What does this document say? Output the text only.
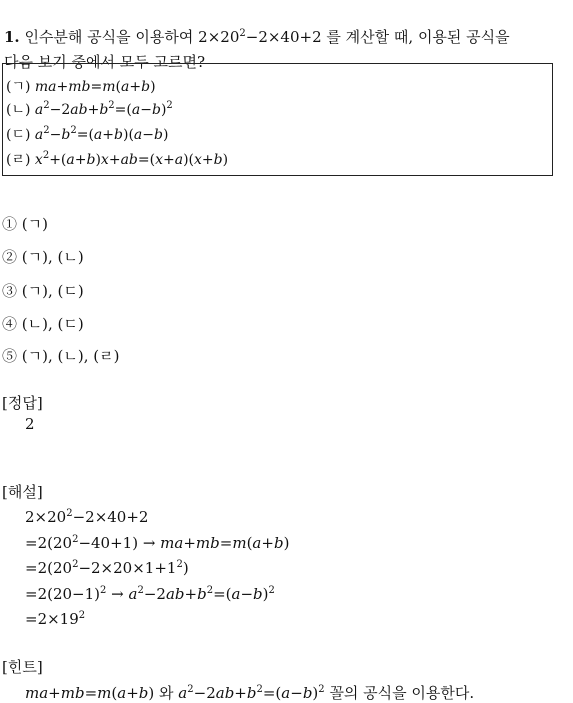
1. 인수분해 공식을 이용하여 $2\times 20^2-2\times 40+2$ 를 계산할 때, 이용된 공식을
다음 보기 중에서 모두 고르면?
(ㄱ) ma+mb=m(a+b)
(ㄴ) $a^2-2ab+b^2=(a-b)^2$
(ㄷ) $a^2-b^2=(a+b)(a-b)$
(ㄹ) $x^2+(a+b)x+ab=(x+a)(x+b)$
① (ㄱ)
② (ㄱ), (ㄴ)
③ (ㄱ), (ㄷ)
④ (ㄴ), (ㄷ)
⑤ (ㄱ), (ㄴ), (ㄹ)
[정답]
2
[해설]
$2\times 20^2-2\times 40+2$
$=2(20^2-40+1) \to ma+mb=m(a+b)$
$=2(20^2-2\times 20\times 1+1^2)$
$=2(20-1)^2 \to a^2-2ab+b^2=(a-b)^2$
$=2\times 19^2$
[힌트]
ma+mb=m(a+b) 와 $a^2-2ab+b^2=(a-b)^2$ 꼴의 공식을 이용한다.
